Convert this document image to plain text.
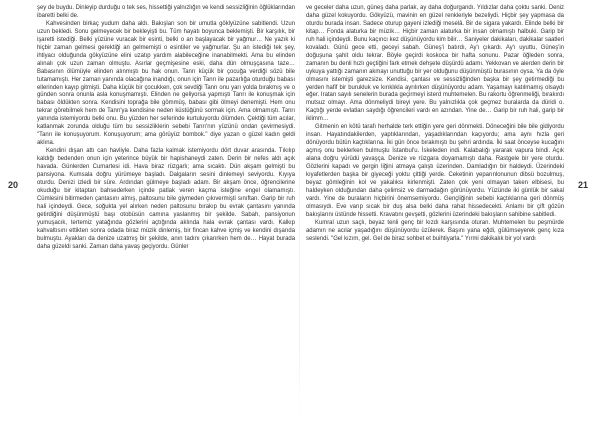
20	21

şey de buydu. Dinleyip durduğu o tek ses, hissettiği yalnızlığın ve kendi sessizliğinin öğlüklarından ibaretti belki de.

Kahvesinden birkaç yudum daha aldı. Bakışları son bir umutla göklyüzüne sabitlendi. Uzun uzun bekledi. Sonu gelmeyecek bir bekleyişti bu. Tüm hayatı boyunca beklemişti. Bir karşılık, bir işaretti istediği. Belki yüzüne vuracak bir esinti, belki o an başlayacak bir yağmur… Ne yazık ki hiçbir zaman gelmesi gerektiği an gelmemişti o esintiler ve yağmurlar. Şu an istediği tek şey, ihtiyacı olduğunda gökyüzüne elini uzatıp yardım alabileceğine inanabilmekti. Ama bu elinden alınalı çok uzun zaman olmuştu. Asırlar geçmişesine eski, daha dün olmuşçasına taze… Babasının ölümüyle elinden alınmıştı bu hak onun. Tanrı küçük bir çocuğa verdiği sözü bile tutamamıştı. Her zaman yanında olacağına inandığı, onun için Tanrı ile pazarlığa oturduğu babası ellerinden kayıp gitmişti. Daha küçük bir çocukken, çok sevdiği Tanrı onu yarı yolda bırakmış ve o günden sonra onunla asla konuşmamıştı. Elinden ne geliyorsa yapmıştı Tanrı ile konuşmak için babası öldükten sonra. Kendisini toprağa bile gömmüş, babası gibi ölmeyi denemişti. Hem onu tekrar görebilmek hem de Tanrı'ya kendisine neden küstüğünü sormak için. Ama olmamıştı. Tanrı yanında istemiyordu belki onu. Bu yüzden her seferinde kurtuluyordu ölümden. Çektiği tüm acılar, katlanmak zorunda olduğu tüm bu sessizliklerin sebebi Tanrı'nın yüzünü ondan çevirmesiydi. "Tanrı ile konuşuyorum. Konuşuyorum; ama görüyüz bombok." diye yazan o güzel kadın geldi aklına.

Kendini dışarı attı can havliyle. Daha fazla kalmak istemiyordu dört duvar arasında. Tıkılıp kaldığı bedenden onun için yeterince büyük bir hapishaneydi zaten. Derin bir nefes aldı açık havada. Günlerden Cumartesi idi. Hava biraz rüzgarlı; ama sıcaktı. Dün akşam gelmişti bu pansiyona. Kumsala doğru yürümeye başladı. Dalgaların sesini dinlemeyi seviyordu. Kıyıya oturdu. Denizi izledi bir süre. Ardından gülmeye başladı adam. Bir akşam önce, öğrencilerine okuduğu bir kitaptan bahsederken içinde patlak veren kaçma isteğine engel olamamıştı. Cümlesini bitirmeden çantasını almış, paltosunu bile giymeden çıkıvermişti sınıftan. Garip bir ruh hali içindeydi. Gece, soğukta yel alırken neden paltosunu bırakıp bu evrak çantasını yanında getirdiğini düşünmüştü başı otobüsün camına yaslanmış bir şekilde. Sabah, pansiyonun yumuşacık, tertemiz yatağında gözlerini açtığında aklında hala evrak çantası vardı. Kalkıp kahvaltısını ettikten sonra odada biraz müzik dinlemiş, bir fincan kahve içmiş ve kendini dışarıda bulmuştu. Ayakları da denize uzatmış bir şekilde, anın tadını çıkarırken hem de… Hayat burada daha güzeldi sanki. Zaman daha yavaş geçiyordu. Günler

ve geceler daha uzun, güneş daha parlak, ay daha doğurgandı. Yıldızlar daha çoktu sanki. Deniz daha güzel kokuyordu. Gökyüzü, mavinin en güzel renkleriyle bezeliydi. Hiçbir şey yapmasa da oturdu burada insan. Sadece oturup gayeni izlediği meselâ. Bir de sigara yakardı. Elinde belki bir kitap… Fonda alaturka bir müzik… Hiçbir zaman alaturka bir insan olmamıştı halbuki. Garip bir ruh hali içindeydi. Bunu kaçıncı kez düşünüyordu kim bilir… Saniyeler dakikaları, dakikalar saatleri kovaladı. Günü gece etti, geceyi sabah. Güneş'i batırdı, Ay'ı çıkardı. Ay'ı uyuttu, Güneş'in doğuşuna şahit oldu tekrar. Böyle geçirdi koskoca bir hafta sonunu. Pazar öğleden sonra, zamanın bu denli hızlı geçtiğini fark etmek dehşete düşürdü adamı. Yekkovan ve alerden derin bir uykuya yattığı zamanın akmayı unuttuğu bir yer olduğunu düşünmüştü burasının oysa. Ya da öyle olmasını istemişti garezsize. Kendisi, çantası ve sessizliğinden başka bir şey getirmediği bu yerden hafif bir burukluk ve kırıklıkla ayrılırken düşünüyordu adam. Yaşamayı katılmamış olsaydı eğer. Iratan sayılı senelerin burada geçirmeyi isterd muhtemelen. Bu rakortu öğrenmeliği, bırakırdı mutsuz olmayı. Ama dönmeliydi bireyi yere. Bu yalnızlıkla çok geçmez buralarda da düridi o. Kaçtığı yerde evlatları saydığı öğrencileri vardı en azından. Yine de… Garip bir ruh hali, garip bir iklimm…

Gitmenin en kötü tarafı herhalde terk ettiğin yere geri dönmekti. Döneceğini bile bile gidiyordu insan. Hayatındakilerden, yaptıklarından, yaşadıklarından kaçıyordu; ama aynı hızla geri dönüyordu bütün kaçtıklarına. İki gün önce bırakmıştı bu şehri ardında. İki saat önceyse kucağını açmış onu beklerken bulmuştu İstanbul'u. İskeleden indi. Kalabalığı yararak vapura bindi. Açık alana doğru yürüdü yavaşça. Denize ve rüzgara doyamamıştı daha. Rastgele bir yere oturdu. Gözlerini kapadı ve gergin liğini atmaya çalıştı üzerinden. Damladığın bir haldeydi. Üzerindeki kıyafetlerden başka bir giyeceği yoktu çittiği yerde. Ceketinin yeparınlonunun dibsü bozulmuş, beyaz gömleğinin kol ve yakalıksı kirlenmişti. Zaten çok yeni olmayan taken elbisesi, bu haldeyken olduğundan daha çelimsiz ve darmadağın görünüyordu. Yüzünde iki günlük bir sakal vardı. Yine de buraların hiçbirini önemsemiyordu. Gençliğinin sebebi kaçtıklarına geri dönmüş olmasıydı. Eve varıp sıcak bir duş alsa belki daha rahat hissedecekti. Anlamı bir çift gözün bakışlarını üstünde hissetti. Kravatını gevşetti, gözlerini üzerindeki bakışların sahibine sabitledi.

Kumral uzun saçlı, beyaz tenli genç bir kızdı karşısında oturan. Muhtemelen bu peşmürde adamın ne acılar yaşadığını düşünüyordu üzülerek. Başını yana eğdi, gülümseyerek genç kıza seslendi. "Gel kızım, gel. Gel de biraz sohbet et buihtiyarla." Yırmi dakikalık bir yol vardı
